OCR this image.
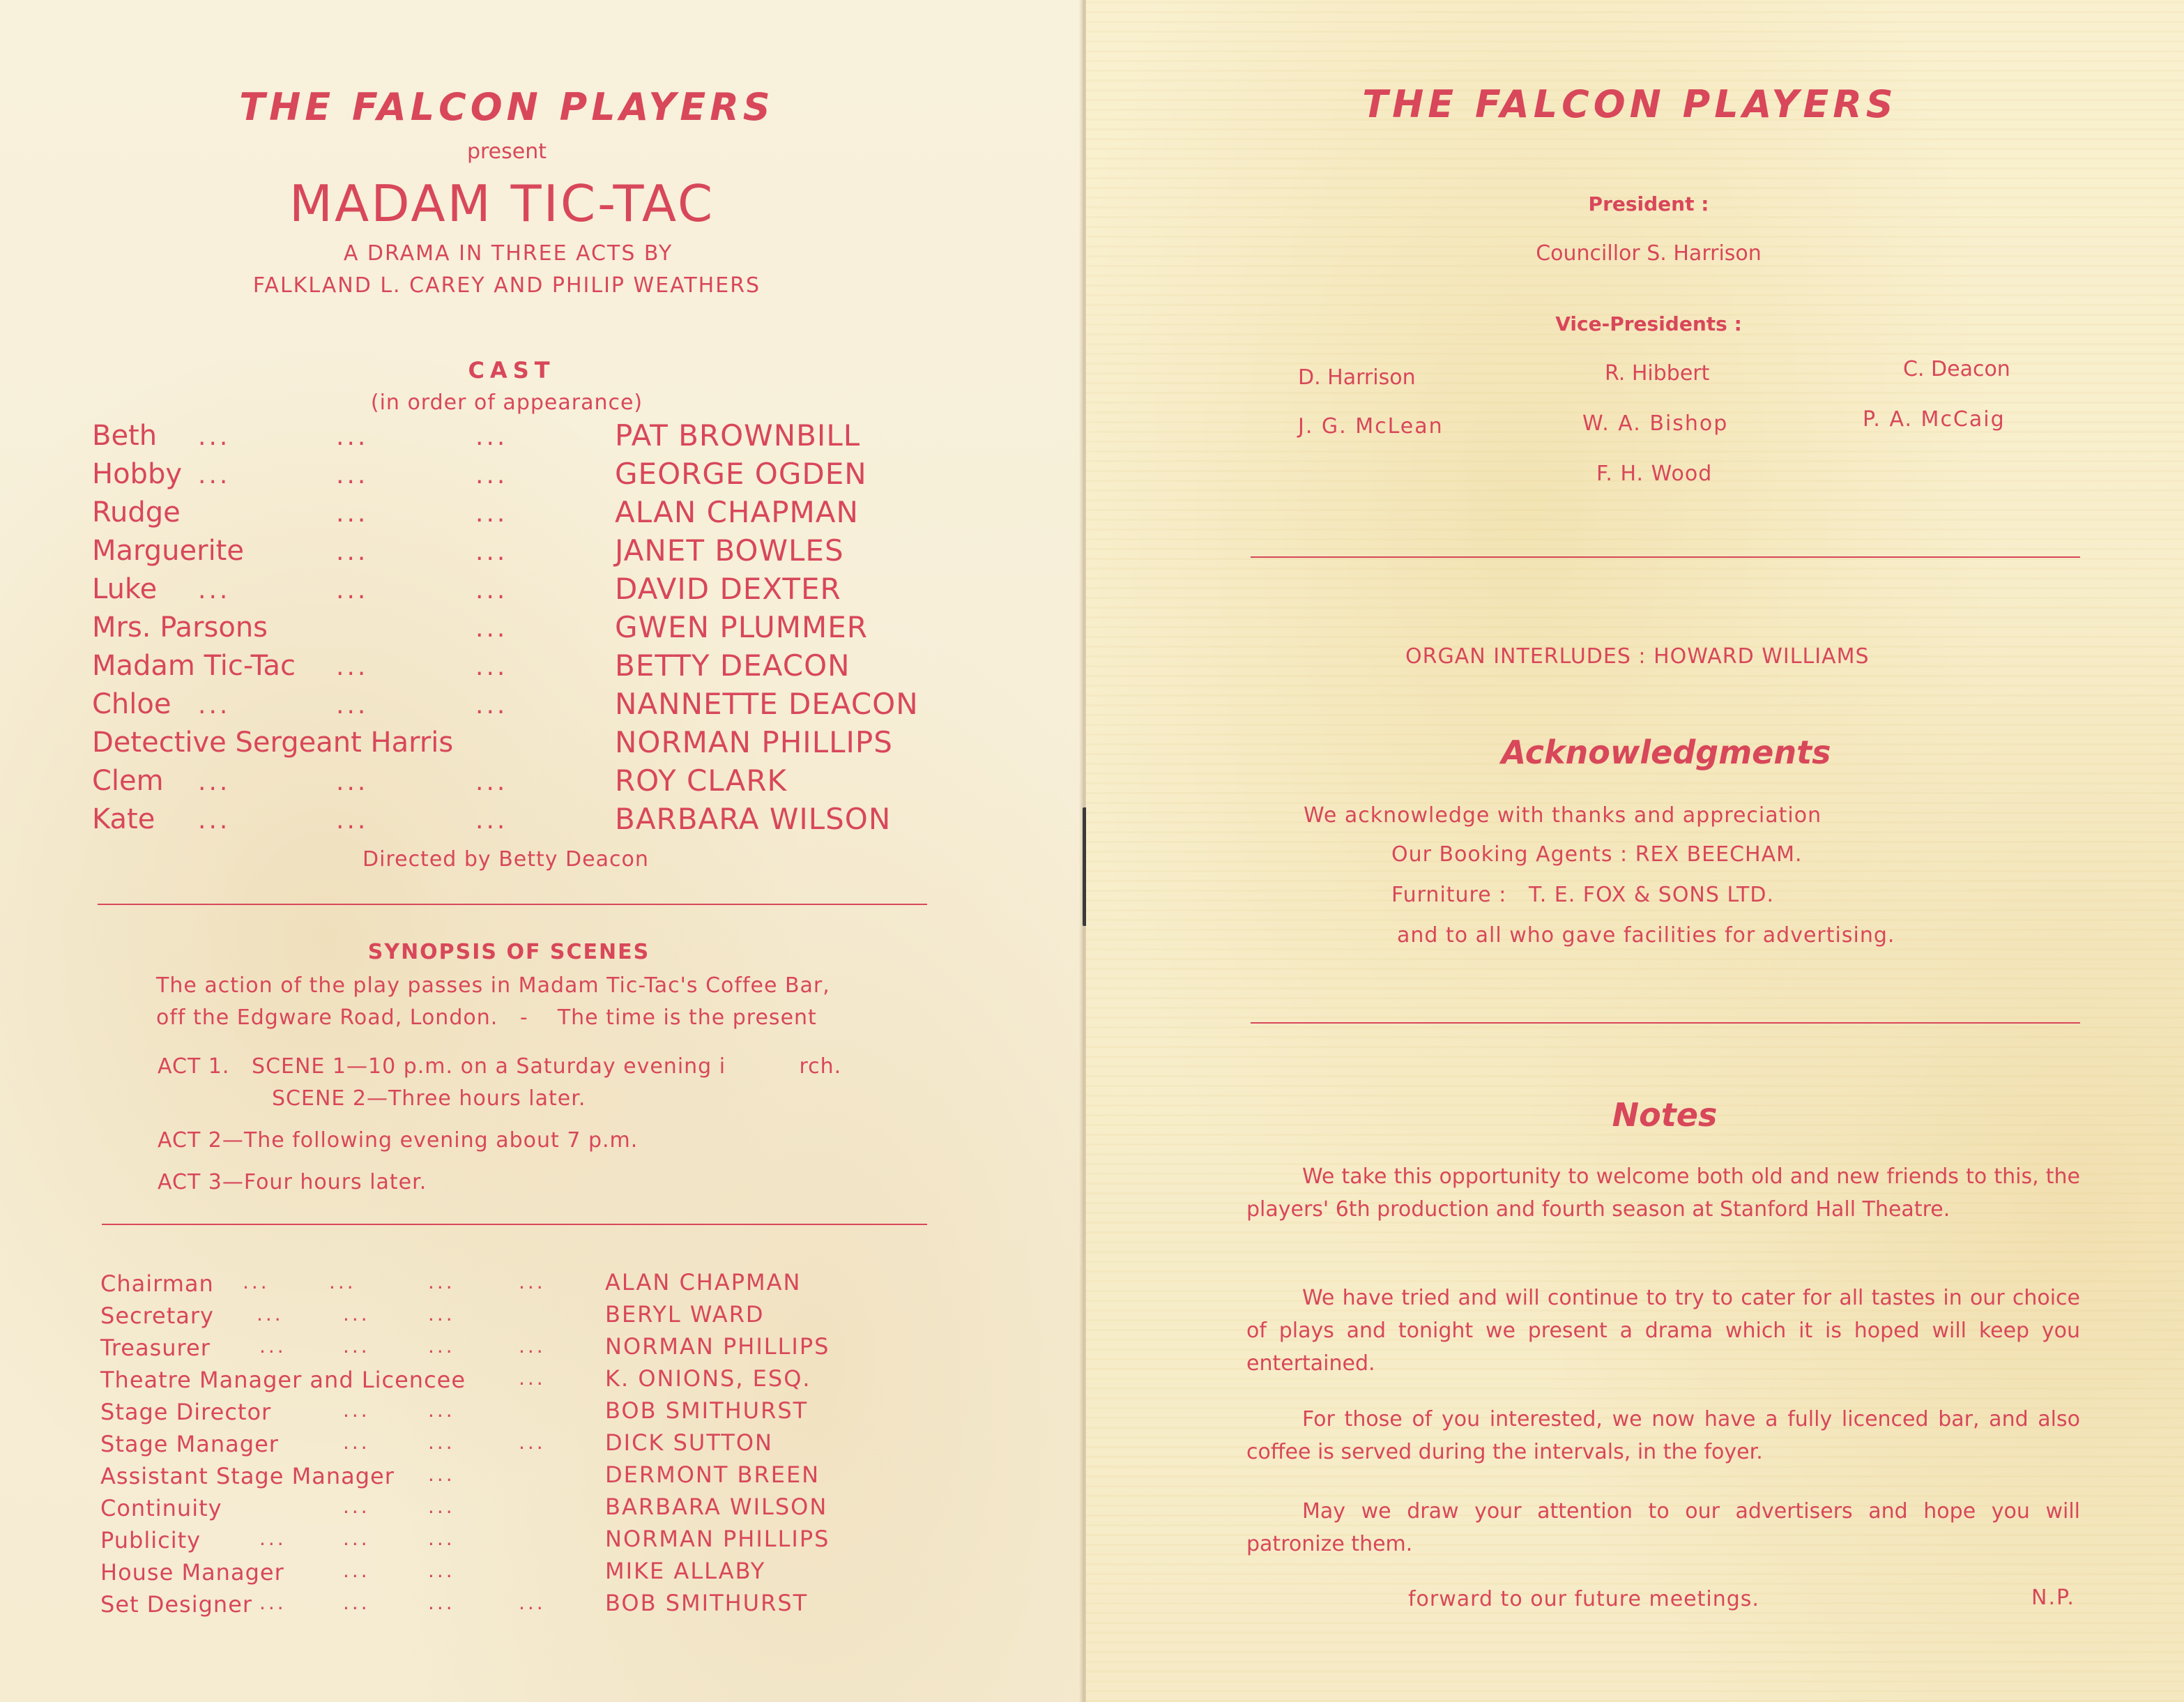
THE FALCON PLAYERS
present
MADAM TIC-TAC
A DRAMA IN THREE ACTS BY
FALKLAND L. CAREY AND PHILIP WEATHERS
CAST
(in order of appearance)
Beth ...	...	...	PAT BROWNBILL
Hobby ...	...	...	GEORGE OGDEN
Rudge	...	...	ALAN CHAPMAN
Marguerite	...	...	JANET BOWLES
Luke ...	...	...	DAVID DEXTER
Mrs. Parsons	...	GWEN PLUMMER
Madam Tic-Tac ...	...	BETTY DEACON
Chloe ...	...	...	NANNETTE DEACON
Detective Sergeant Harris	NORMAN PHILLIPS
Clem ...	...	...	ROY CLARK
Kate ...	...	...	BARBARA WILSON
Directed by Betty Deacon
SYNOPSIS OF SCENES
The action of the play passes in Madam Tic-Tac's Coffee Bar,
off the Edgware Road, London.   -    The time is the present
ACT 1.   SCENE 1—10 p.m. on a Saturday evening i          rch.
SCENE 2—Three hours later.
ACT 2—The following evening about 7 p.m.
ACT 3—Four hours later.
Chairman ...	...	...	...	ALAN CHAPMAN
Secretary ...	...	...	BERYL WARD
Treasurer	...	...	...	...	NORMAN PHILLIPS
Theatre Manager and Licencee	...	K. ONIONS, ESQ.
Stage Director	...	...	BOB SMITHURST
Stage Manager	...	...	...	DICK SUTTON
Assistant Stage Manager ...	DERMONT BREEN
Continuity	...	...	BARBARA WILSON
Publicity	...	...	...	NORMAN PHILLIPS
House Manager	...	...	MIKE ALLABY
Set Designer ...	...	...	...	BOB SMITHURST
THE FALCON PLAYERS
President :
Councillor S. Harrison
Vice-Presidents :
D. Harrison	R. Hibbert	C. Deacon
J. G. McLean	W. A. Bishop	P. A. McCaig
F. H. Wood
ORGAN INTERLUDES : HOWARD WILLIAMS
Acknowledgments
We acknowledge with thanks and appreciation
Our Booking Agents : REX BEECHAM.
Furniture :   T. E. FOX & SONS LTD.
and to all who gave facilities for advertising.
Notes
We take this opportunity to welcome both old and new friends to this, the players' 6th production and fourth season at Stanford Hall Theatre.
We have tried and will continue to try to cater for all tastes in our choice of plays and tonight we present a drama which it is hoped will keep you entertained.
For those of you interested, we now have a fully licenced bar, and also coffee is served during the intervals, in the foyer.
May we draw your attention to our advertisers and hope you will patronize them.
forward to our future meetings.	N.P.
